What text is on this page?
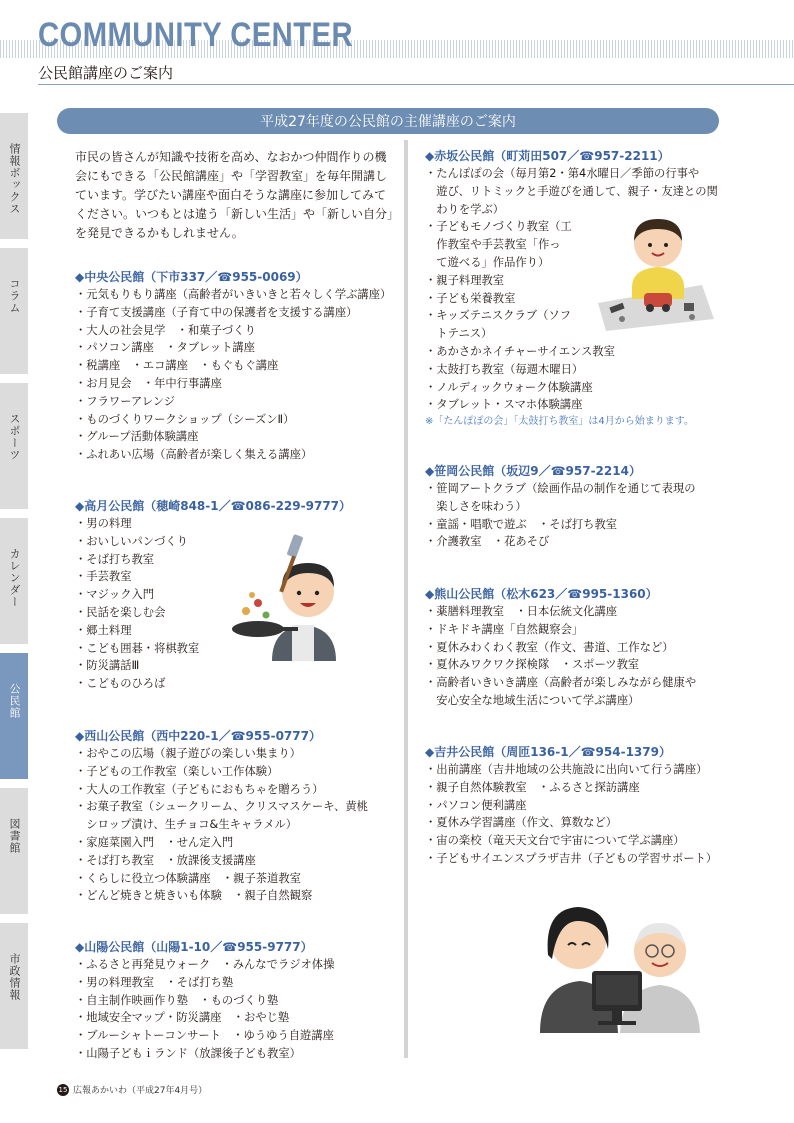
COMMUNITY CENTER
公民館講座のご案内
情報ボックス
コラム
スポーツ
カレンダー
公民館
図書館
市政情報
平成27年度の公民館の主催講座のご案内
市民の皆さんが知識や技術を高め、なおかつ仲間作りの機会にもできる「公民館講座」や「学習教室」を毎年開講しています。学びたい講座や面白そうな講座に参加してみてください。いつもとは違う「新しい生活」や「新しい自分」を発見できるかもしれません。
◆中央公民館（下市337／☎955-0069）
・元気もりもり講座（高齢者がいきいきと若々しく学ぶ講座）
・子育て支援講座（子育て中の保護者を支援する講座）
・大人の社会見学　・和菓子づくり
・パソコン講座　・タブレット講座
・税講座　・エコ講座　・もぐもぐ講座
・お月見会　・年中行事講座
・フラワーアレンジ
・ものづくりワークショップ（シーズンⅡ）
・グループ活動体験講座
・ふれあい広場（高齢者が楽しく集える講座）
◆高月公民館（穂崎848-1／☎086-229-9777）
・男の料理
・おいしいパンづくり
・そば打ち教室
・手芸教室
・マジック入門
・民話を楽しむ会
・郷土料理
・こども囲碁・将棋教室
・防災講話Ⅲ
・こどものひろば
◆西山公民館（西中220-1／☎955-0777）
・おやこの広場（親子遊びの楽しい集まり）
・子どもの工作教室（楽しい工作体験）
・大人の工作教室（子どもにおもちゃを贈ろう）
・お菓子教室（シュークリーム、クリスマスケーキ、黄桃
　シロップ漬け、生チョコ&生キャラメル）
・家庭菜園入門　・せん定入門
・そば打ち教室　・放課後支援講座
・くらしに役立つ体験講座　・親子茶道教室
・どんど焼きと焼きいも体験　・親子自然観察
◆山陽公民館（山陽1-10／☎955-9777）
・ふるさと再発見ウォーク　・みんなでラジオ体操
・男の料理教室　・そば打ち塾
・自主制作映画作り塾　・ものづくり塾
・地域安全マップ・防災講座　・おやじ塾
・ブルーシャトーコンサート　・ゆうゆう自遊講座
・山陽子どもｉランド（放課後子ども教室）
◆赤坂公民館（町苅田507／☎957-2211）
・たんぽぽの会（毎月第2・第4水曜日／季節の行事や
　遊び、リトミックと手遊びを通して、親子・友達との関
　わりを学ぶ）
・子どもモノづくり教室（工
　作教室や手芸教室「作っ
　て遊べる」作品作り）
・親子料理教室
・子ども栄養教室
・キッズテニスクラブ（ソフ
　トテニス）
・あかさかネイチャーサイエンス教室
・太鼓打ち教室（毎週木曜日）
・ノルディックウォーク体験講座
・タブレット・スマホ体験講座
※「たんぽぽの会」「太鼓打ち教室」は4月から始まります。
◆笹岡公民館（坂辺9／☎957-2214）
・笹岡アートクラブ（絵画作品の制作を通じて表現の
　楽しさを味わう）
・童謡・唱歌で遊ぶ　・そば打ち教室
・介護教室　・花あそび
◆熊山公民館（松木623／☎995-1360）
・薬膳料理教室　・日本伝統文化講座
・ドキドキ講座「自然観察会」
・夏休みわくわく教室（作文、書道、工作など）
・夏休みワクワク探検隊　・スポーツ教室
・高齢者いきいき講座（高齢者が楽しみながら健康や
　安心安全な地域生活について学ぶ講座）
◆吉井公民館（周匝136-1／☎954-1379）
・出前講座（吉井地域の公共施設に出向いて行う講座）
・親子自然体験教室　・ふるさと探訪講座
・パソコン便利講座
・夏休み学習講座（作文、算数など）
・宙の楽校（竜天天文台で宇宙について学ぶ講座）
・子どもサイエンスプラザ吉井（子どもの学習サポート）
15 広報あかいわ（平成27年4月号）
